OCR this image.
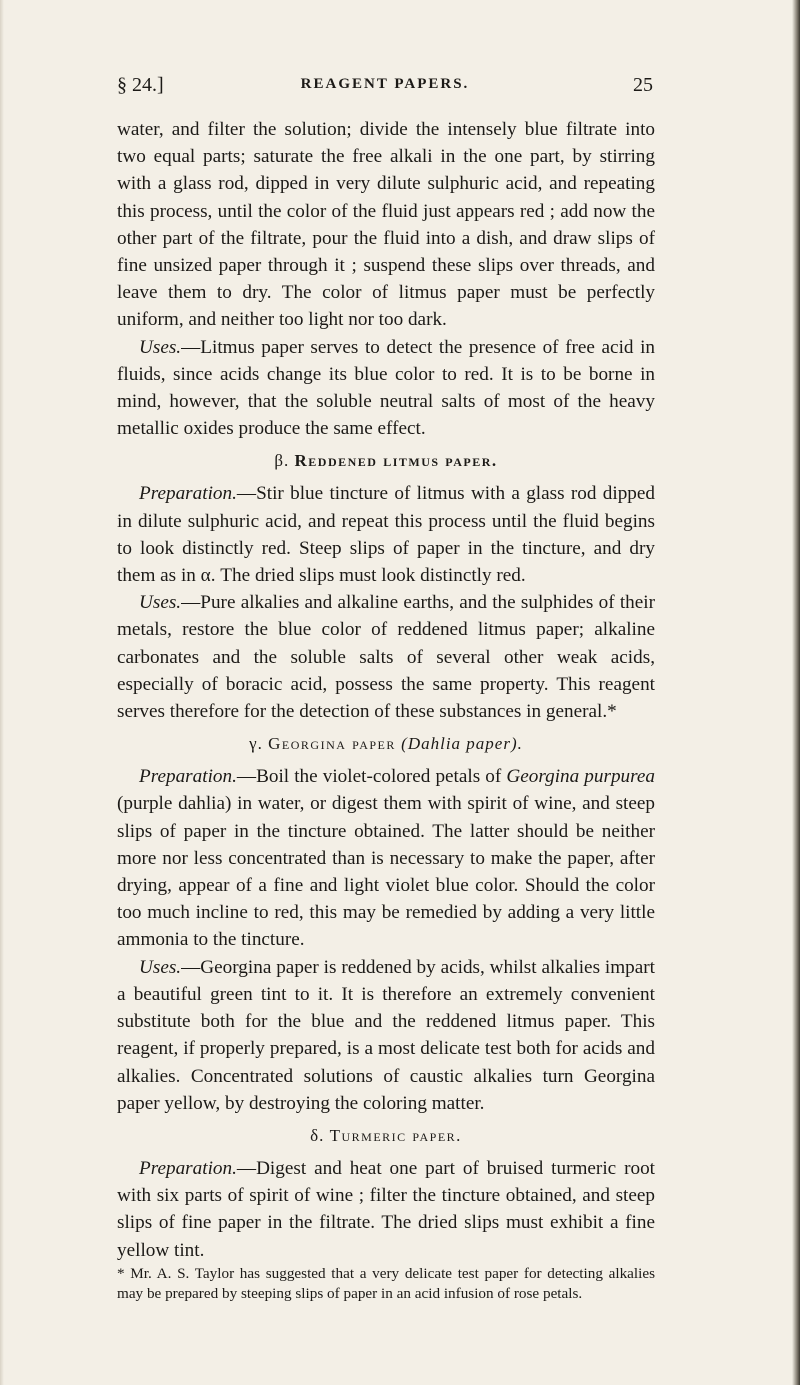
§ 24.]	REAGENT PAPERS.	25

water, and filter the solution; divide the intensely blue filtrate into two equal parts; saturate the free alkali in the one part, by stirring with a glass rod, dipped in very dilute sulphuric acid, and repeating this process, until the color of the fluid just appears red ; add now the other part of the filtrate, pour the fluid into a dish, and draw slips of fine unsized paper through it ; suspend these slips over threads, and leave them to dry. The color of litmus paper must be perfectly uniform, and neither too light nor too dark.

Uses.—Litmus paper serves to detect the presence of free acid in fluids, since acids change its blue color to red. It is to be borne in mind, however, that the soluble neutral salts of most of the heavy metallic oxides produce the same effect.

β. Reddened litmus paper.

Preparation.—Stir blue tincture of litmus with a glass rod dipped in dilute sulphuric acid, and repeat this process until the fluid begins to look distinctly red. Steep slips of paper in the tincture, and dry them as in α. The dried slips must look distinctly red.

Uses.—Pure alkalies and alkaline earths, and the sulphides of their metals, restore the blue color of reddened litmus paper; alkaline carbonates and the soluble salts of several other weak acids, especially of boracic acid, possess the same property. This reagent serves therefore for the detection of these substances in general.*

γ. Georgina paper (Dahlia paper).

Preparation.—Boil the violet-colored petals of Georgina purpurea (purple dahlia) in water, or digest them with spirit of wine, and steep slips of paper in the tincture obtained. The latter should be neither more nor less concentrated than is necessary to make the paper, after drying, appear of a fine and light violet blue color. Should the color too much incline to red, this may be remedied by adding a very little ammonia to the tincture.

Uses.—Georgina paper is reddened by acids, whilst alkalies impart a beautiful green tint to it. It is therefore an extremely convenient substitute both for the blue and the reddened litmus paper. This reagent, if properly prepared, is a most delicate test both for acids and alkalies. Concentrated solutions of caustic alkalies turn Georgina paper yellow, by destroying the coloring matter.

δ. Turmeric paper.

Preparation.—Digest and heat one part of bruised turmeric root with six parts of spirit of wine ; filter the tincture obtained, and steep slips of fine paper in the filtrate. The dried slips must exhibit a fine yellow tint.

* Mr. A. S. Taylor has suggested that a very delicate test paper for detecting alkalies may be prepared by steeping slips of paper in an acid infusion of rose petals.
